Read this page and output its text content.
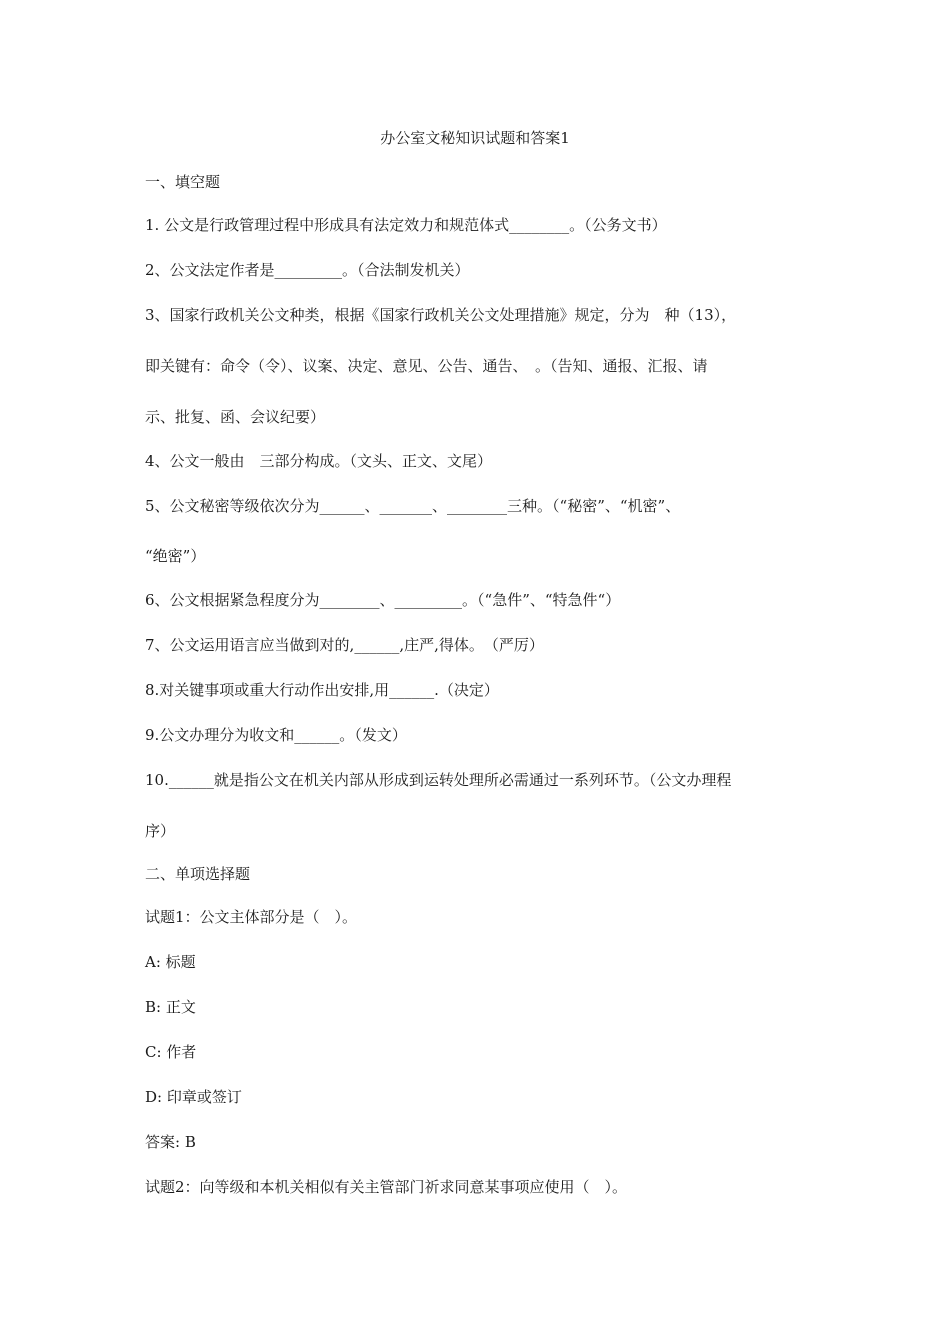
办公室文秘知识试题和答案1
一、填空题
1. 公文是行政管理过程中形成具有法定效力和规范体式________。（公务文书）
2、公文法定作者是_________。（合法制发机关）
3、国家行政机关公文种类，根据《国家行政机关公文处理措施》规定，分为　种（13），
即关键有：命令（令）、议案、决定、意见、公告、通告、　。（告知、通报、汇报、请
示、批复、函、会议纪要）
4、公文一般由　三部分构成。（文头、正文、文尾）
5、公文秘密等级依次分为______、_______、________三种。（“秘密”、“机密”、
“绝密”）
6、公文根据紧急程度分为________、_________。（“急件”、“特急件“）
7、公文运用语言应当做到对的,______,庄严,得体。　（严厉）
8.对关键事项或重大行动作出安排,用______.（决定）
9.公文办理分为收文和______。（发文）
10.______就是指公文在机关内部从形成到运转处理所必需通过一系列环节。（公文办理程
序）
二、单项选择题
试题1：公文主体部分是（　）。
A: 标题
B: 正文
C: 作者
D: 印章或签订
答案: B
试题2：向等级和本机关相似有关主管部门祈求同意某事项应使用（　）。
